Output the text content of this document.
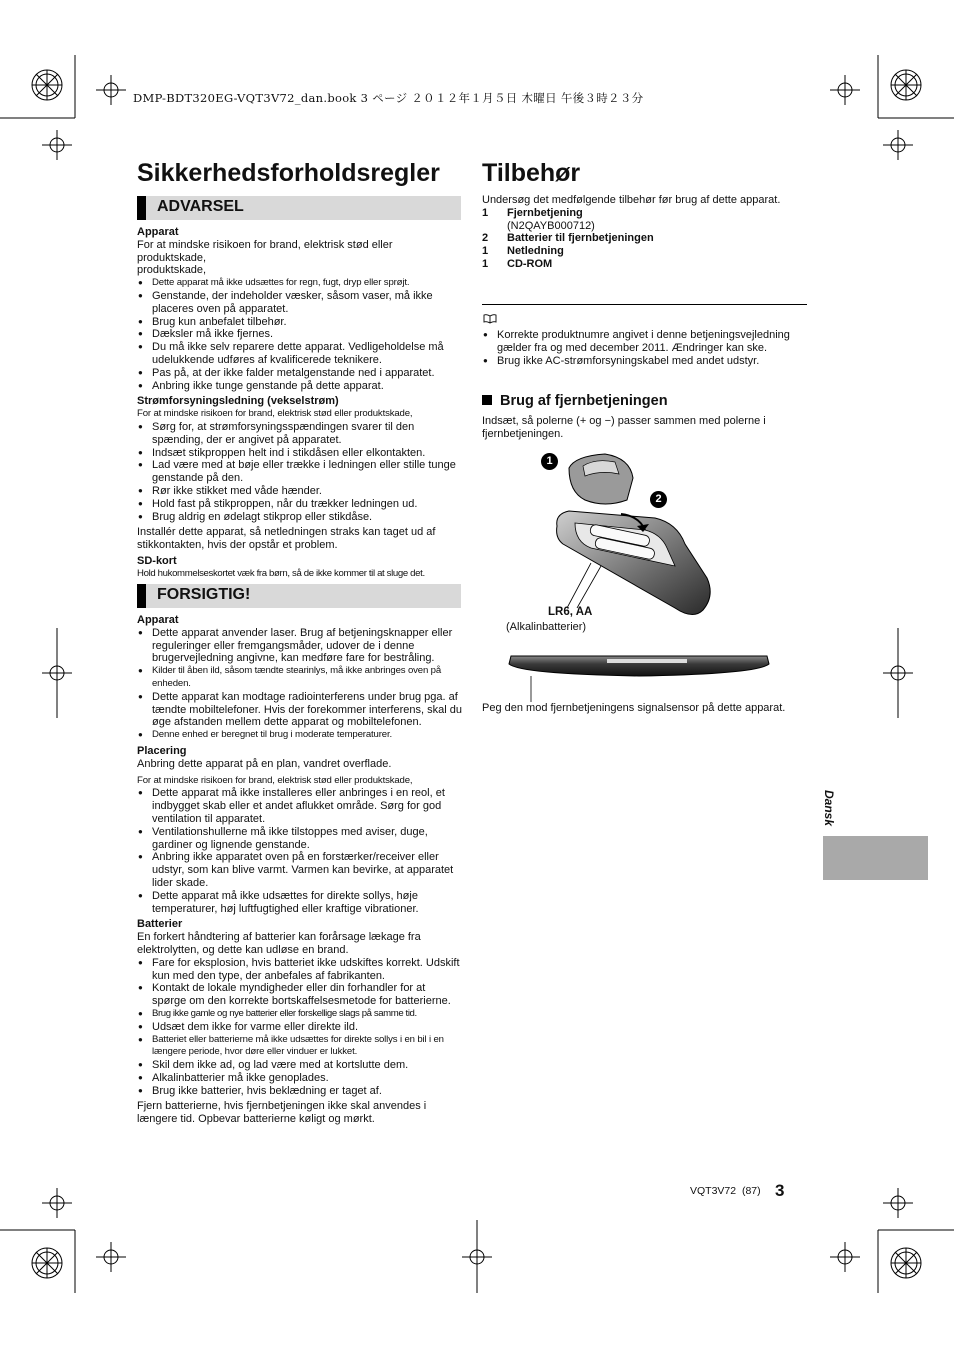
DMP-BDT320EG-VQT3V72_dan.book 3 ページ ２０１２年１月５日 木曜日 午後３時２３分
Sikkerhedsforholdsregler
ADVARSEL
Apparat

For at mindske risikoen for brand, elektrisk stød eller produktskade,

produktskade,

● Dette apparat må ikke udsættes for regn, fugt, dryp eller sprøjt.
● Genstande, der indeholder væsker, såsom vaser, må ikke placeres oven på apparatet.
● Brug kun anbefalet tilbehør.
● Dæksler må ikke fjernes.
● Du må ikke selv reparere dette apparat. Vedligeholdelse må udelukkende udføres af kvalificerede teknikere.
● Pas på, at der ikke falder metalgenstande ned i apparatet.
● Anbring ikke tunge genstande på dette apparat.
Strømforsyningsledning (vekselstrøm)

For at mindske risikoen for brand, elektrisk stød eller produktskade,

● Sørg for, at strømforsyningsspændingen svarer til den spænding, der er angivet på apparatet.
● Indsæt stikproppen helt ind i stikdåsen eller elkontakten.
● Lad være med at bøje eller trække i ledningen eller stille tunge genstande på den.
● Rør ikke stikket med våde hænder.
● Hold fast på stikproppen, når du trækker ledningen ud.
● Brug aldrig en ødelagt stikprop eller stikdåse.

Installér dette apparat, så netledningen straks kan taget ud af stikkontakten, hvis der opstår et problem.

SD-kort

Hold hukommelseskortet væk fra børn, så de ikke kommer til at sluge det.

FORSIGTIG!
Apparat
● Dette apparat anvender laser. Brug af betjeningsknapper eller reguleringer eller fremgangsmåder, udover de i denne brugervejledning angivne, kan medføre fare for bestråling.
● Kilder til åben ild, såsom tændte stearinlys, må ikke anbringes oven på enheden.
● Dette apparat kan modtage radiointerferens under brug pga. af tændte mobiltelefoner. Hvis der forekommer interferens, skal du øge afstanden mellem dette apparat og mobiltelefonen.
● Denne enhed er beregnet til brug i moderate temperaturer.
Placering

Anbring dette apparat på en plan, vandret overflade.

For at mindske risikoen for brand, elektrisk stød eller produktskade,

● Dette apparat må ikke installeres eller anbringes i en reol, et indbygget skab eller et andet aflukket område. Sørg for god ventilation til apparatet.
● Ventilationshullerne må ikke tilstoppes med aviser, duge, gardiner og lignende genstande.
● Anbring ikke apparatet oven på en forstærker/receiver eller udstyr, som kan blive varmt. Varmen kan bevirke, at apparatet lider skade.
● Dette apparat må ikke udsættes for direkte sollys, høje temperaturer, høj luftfugtighed eller kraftige vibrationer.
Batterier

En forkert håndtering af batterier kan forårsage lækage fra elektrolytten, og dette kan udløse en brand.

● Fare for eksplosion, hvis batteriet ikke udskiftes korrekt. Udskift kun med den type, der anbefales af fabrikanten.
● Kontakt de lokale myndigheder eller din forhandler for at spørge om den korrekte bortskaffelsesmetode for batterierne.
● Brug ikke gamle og nye batterier eller forskellige slags på samme tid.
● Udsæt dem ikke for varme eller direkte ild.
● Batteriet eller batterierne må ikke udsættes for direkte sollys i en bil i en længere periode, hvor døre eller vinduer er lukket.
● Skil dem ikke ad, og lad være med at kortslutte dem.
● Alkalinbatterier må ikke genoplades.
● Brug ikke batterier, hvis beklædning er taget af.

Fjern batterierne, hvis fjernbetjeningen ikke skal anvendes i længere tid. Opbevar batterierne køligt og mørkt.

Tilbehør

Undersøg det medfølgende tilbehør før brug af dette apparat.

1	Fjernbetjening
(N2QAYB000712)
2	Batterier til fjernbetjeningen
1	Netledning
1	CD-ROM
● Korrekte produktnumre angivet i denne betjeningsvejledning gælder fra og med december 2011. Ændringer kan ske.
● Brug ikke AC-strømforsyningskabel med andet udstyr.
Brug af fjernbetjeningen
Indsæt, så polerne (+ og −) passer sammen med polerne i fjernbetjeningen.
1
2
LR6, AA
(Alkalinbatterier)
Peg den mod fjernbetjeningens signalsensor på dette apparat.
Dansk
VQT3V72 (87) 3
